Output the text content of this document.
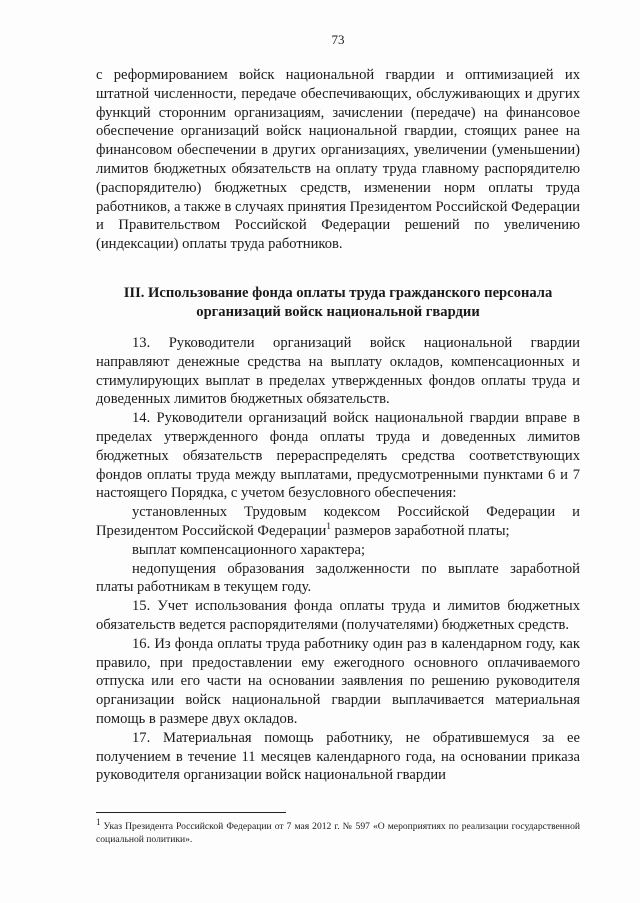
73

с реформированием войск национальной гвардии и оптимизацией их штатной численности, передаче обеспечивающих, обслуживающих и других функций сторонним организациям, зачислении (передаче) на финансовое обеспечение организаций войск национальной гвардии, стоящих ранее на финансовом обеспечении в других организациях, увеличении (уменьшении) лимитов бюджетных обязательств на оплату труда главному распорядителю (распорядителю) бюджетных средств, изменении норм оплаты труда работников, а также в случаях принятия Президентом Российской Федерации и Правительством Российской Федерации решений по увеличению (индексации) оплаты труда работников.

III. Использование фонда оплаты труда гражданского персонала организаций войск национальной гвардии

13. Руководители организаций войск национальной гвардии направляют денежные средства на выплату окладов, компенсационных и стимулирующих выплат в пределах утвержденных фондов оплаты труда и доведенных лимитов бюджетных обязательств.

14. Руководители организаций войск национальной гвардии вправе в пределах утвержденного фонда оплаты труда и доведенных лимитов бюджетных обязательств перераспределять средства соответствующих фондов оплаты труда между выплатами, предусмотренными пунктами 6 и 7 настоящего Порядка, с учетом безусловного обеспечения:

установленных Трудовым кодексом Российской Федерации и Президентом Российской Федерации$^1$ размеров заработной платы;

выплат компенсационного характера;

недопущения образования задолженности по выплате заработной платы работникам в текущем году.

15. Учет использования фонда оплаты труда и лимитов бюджетных обязательств ведется распорядителями (получателями) бюджетных средств.

16. Из фонда оплаты труда работнику один раз в календарном году, как правило, при предоставлении ему ежегодного основного оплачиваемого отпуска или его части на основании заявления по решению руководителя организации войск национальной гвардии выплачивается материальная помощь в размере двух окладов.

17. Материальная помощь работнику, не обратившемуся за ее получением в течение 11 месяцев календарного года, на основании приказа руководителя организации войск национальной гвардии

1 Указ Президента Российской Федерации от 7 мая 2012 г. № 597 «О мероприятиях по реализации государственной социальной политики».
